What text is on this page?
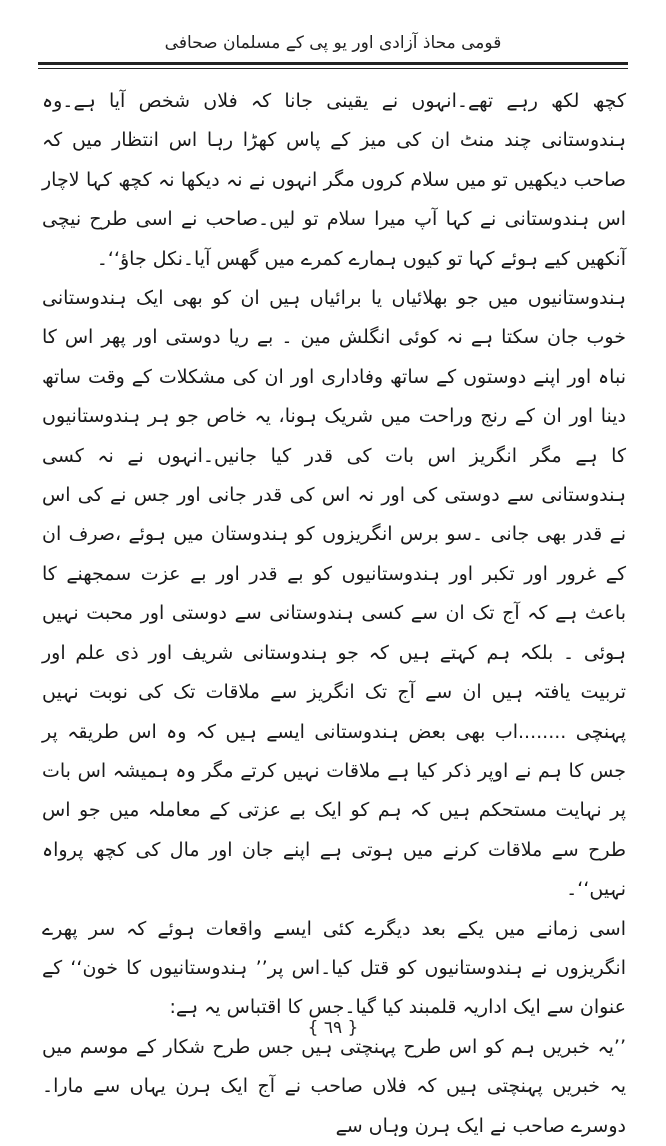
قومی محاذ آزادی اور یو پی کے مسلمان صحافی

کچھ لکھ رہے تھے۔انہوں نے یقینی جانا کہ فلاں شخص آیا ہے۔وہ ہندوستانی چند منٹ ان کی میز کے پاس کھڑا رہا اس انتظار میں کہ صاحب دیکھیں تو میں سلام کروں مگر انہوں نے نہ دیکھا نہ کچھ کہا لاچار اس ہندوستانی نے کہا آپ میرا سلام تو لیں۔صاحب نے اسی طرح نیچی آنکھیں کیے ہوئے کہا تو کیوں ہمارے کمرے میں گھس آیا۔نکل جاؤ‘‘۔

ہندوستانیوں میں جو بھلائیاں یا برائیاں ہیں ان کو بھی ایک ہندوستانی خوب جان سکتا ہے نہ کوئی انگلش مین ۔ بے ریا دوستی اور پھر اس کا نباہ اور اپنے دوستوں کے ساتھ وفاداری اور ان کی مشکلات کے وقت ساتھ دینا اور ان کے رنج وراحت میں شریک ہونا، یہ خاص جو ہر ہندوستانیوں کا ہے مگر انگریز اس بات کی قدر کیا جانیں۔انہوں نے نہ کسی ہندوستانی سے دوستی کی اور نہ اس کی قدر جانی اور جس نے کی اس نے قدر بھی جانی ۔سو برس انگریزوں کو ہندوستان میں ہوئے ،صرف ان کے غرور اور تکبر اور ہندوستانیوں کو بے قدر اور بے عزت سمجھنے کا باعث ہے کہ آج تک ان سے کسی ہندوستانی سے دوستی اور محبت نہیں ہوئی ۔ بلکہ ہم کہتے ہیں کہ جو ہندوستانی شریف اور ذی علم اور تربیت یافتہ ہیں ان سے آج تک انگریز سے ملاقات تک کی نوبت نہیں پہنچی ........اب بھی بعض ہندوستانی ایسے ہیں کہ وہ اس طریقہ پر جس کا ہم نے اوپر ذکر کیا ہے ملاقات نہیں کرتے مگر وہ ہمیشہ اس بات پر نہایت مستحکم ہیں کہ ہم کو ایک بے عزتی کے معاملہ میں جو اس طرح سے ملاقات کرنے میں ہوتی ہے اپنے جان اور مال کی کچھ پرواہ نہیں‘‘۔

اسی زمانے میں یکے بعد دیگرے کئی ایسے واقعات ہوئے کہ سر پھرے انگریزوں نے ہندوستانیوں کو قتل کیا۔اس پر’’ ہندوستانیوں کا خون‘‘ کے عنوان سے ایک اداریہ قلمبند کیا گیا۔جس کا اقتباس یہ ہے:

’’یہ خبریں ہم کو اس طرح پہنچتی ہیں جس طرح شکار کے موسم میں یہ خبریں پہنچتی ہیں کہ فلاں صاحب نے آج ایک ہرن یہاں سے مارا۔دوسرے صاحب نے ایک ہرن وہاں سے

{ ٦٩ }
